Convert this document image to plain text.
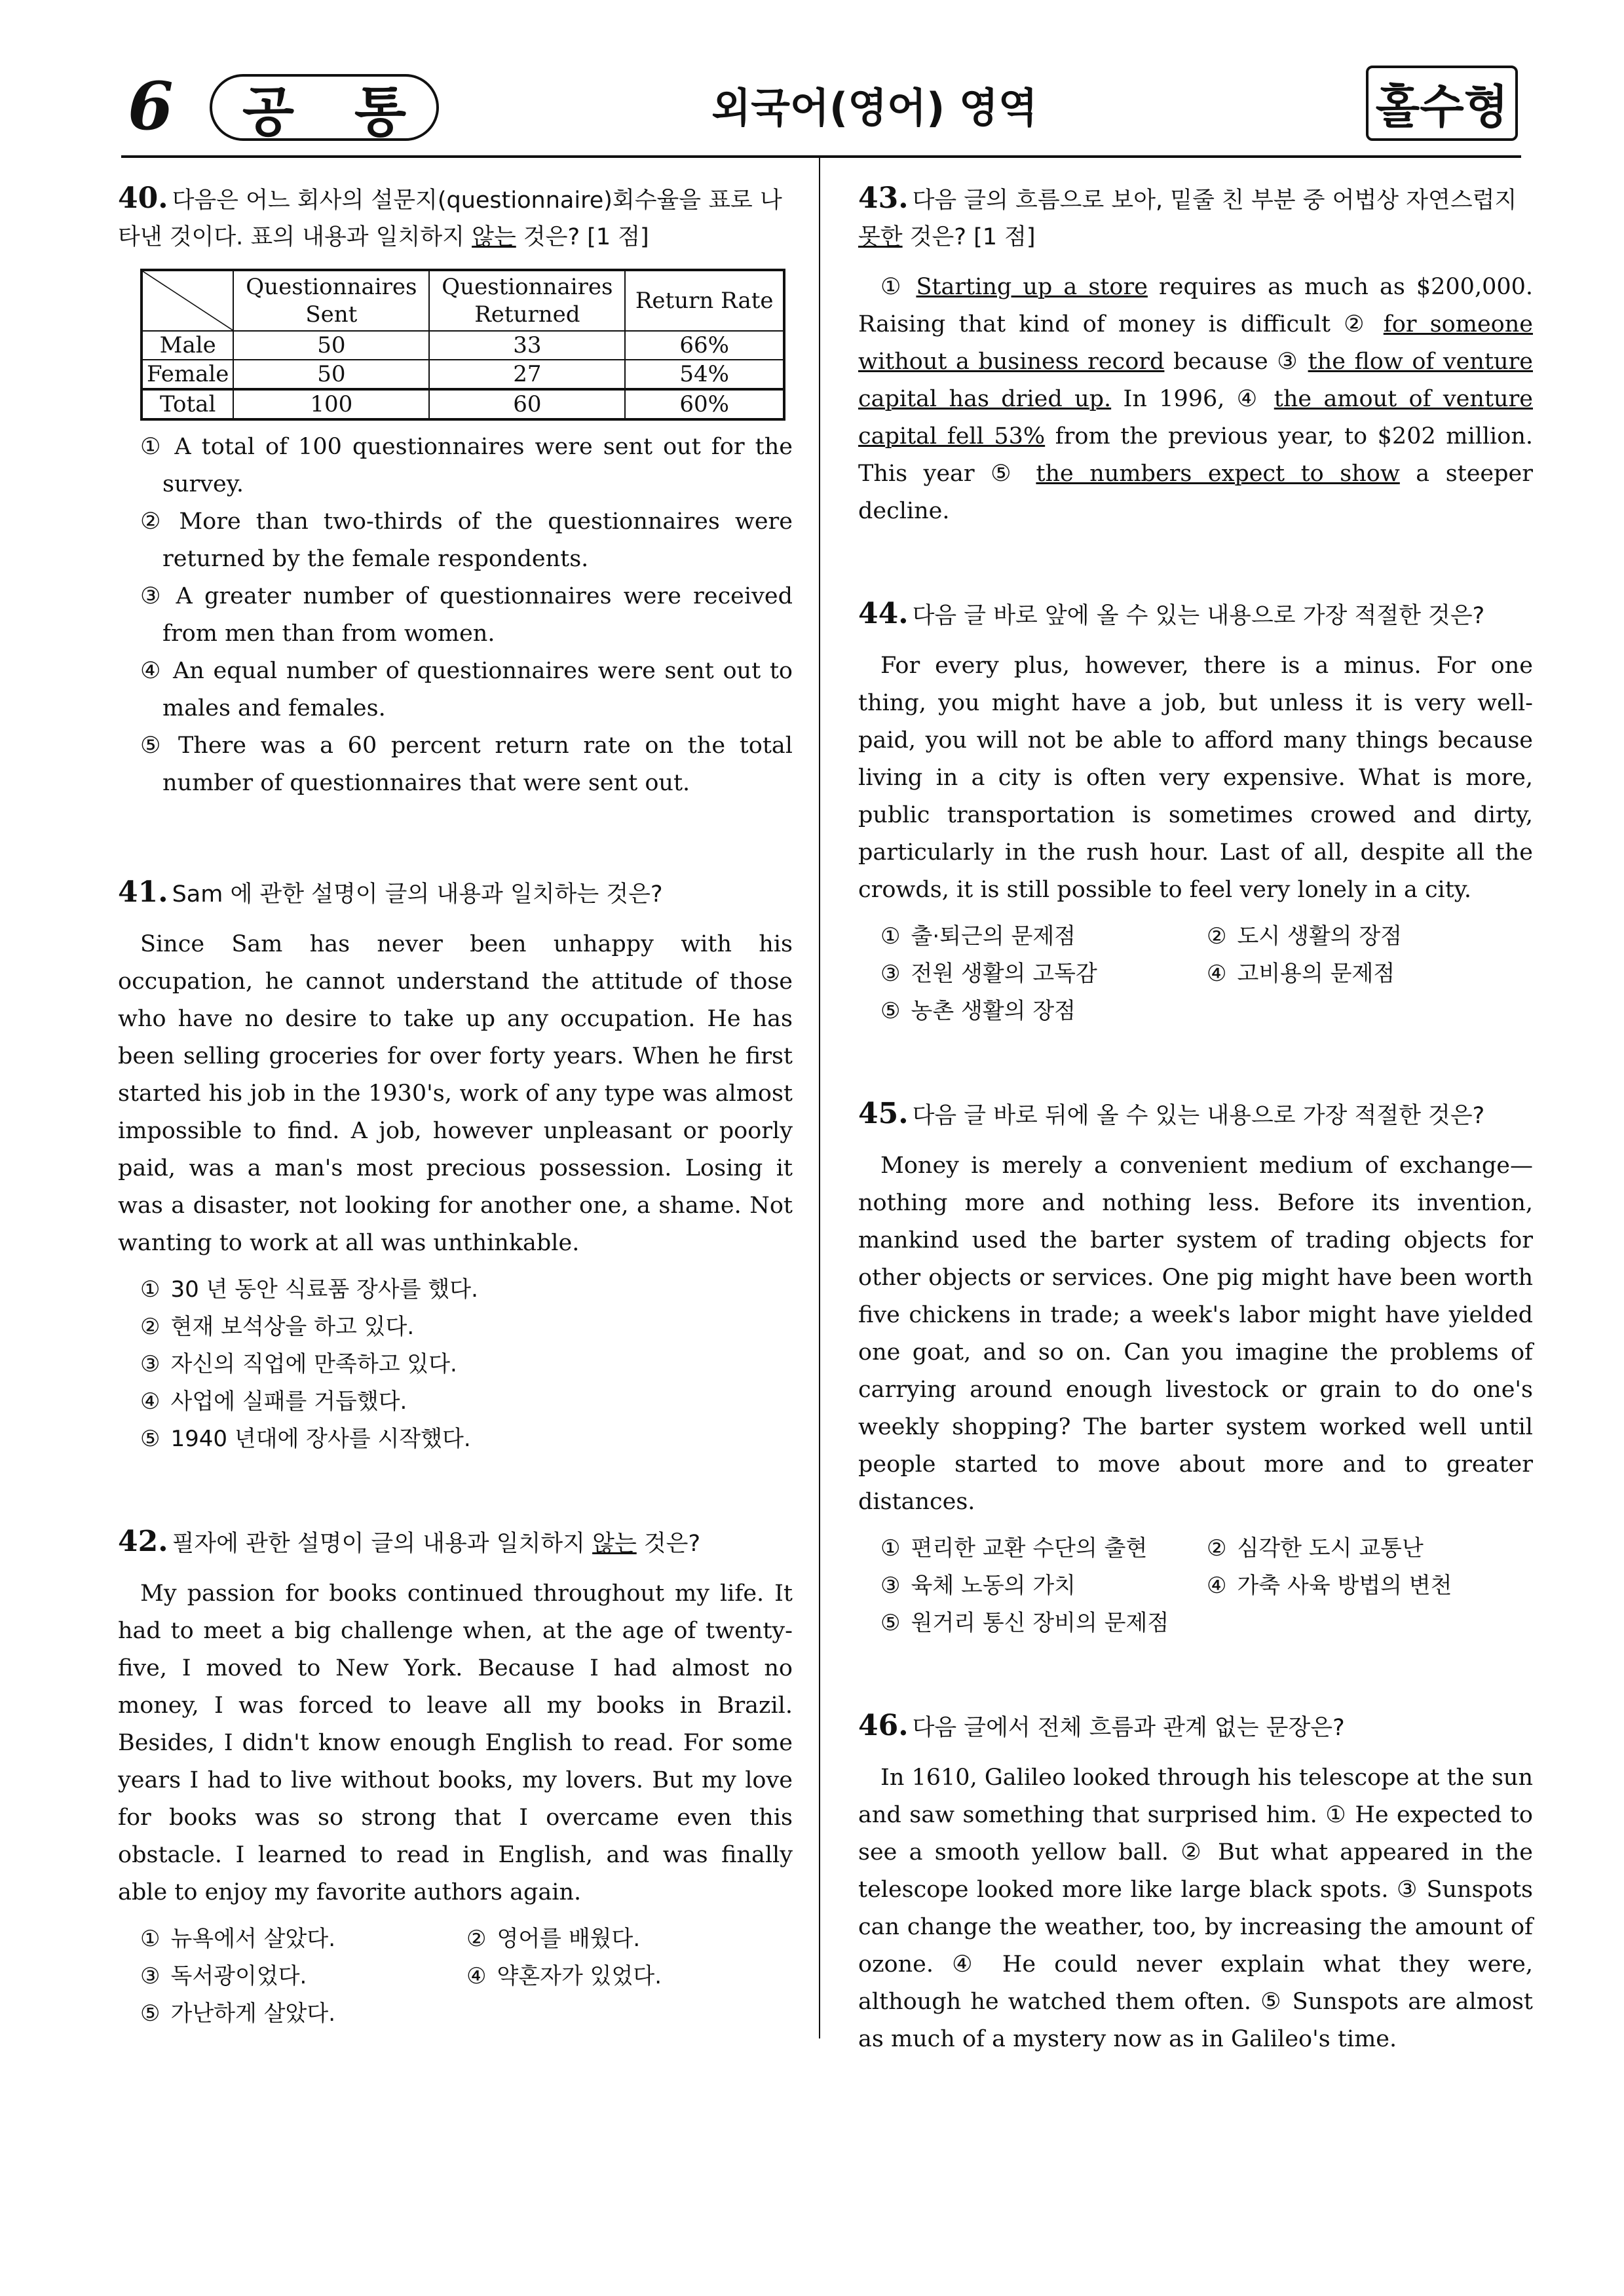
6 공 통	외국어(영어) 영역	홀수형
40. 다음은 어느 회사의 설문지(questionnaire)회수율을 표로 나타낸 것이다. 표의 내용과 일치하지 않는 것은? [1 점]
	Questionnaires Sent	Questionnaires Returned	Return Rate
Male	50	33	66%
Female	50	27	54%
Total	100	60	60%
① A total of 100 questionnaires were sent out for the survey.
② More than two-thirds of the questionnaires were returned by the female respondents.
③ A greater number of questionnaires were received from men than from women.
④ An equal number of questionnaires were sent out to males and females.
⑤ There was a 60 percent return rate on the total number of questionnaires that were sent out.
41. Sam 에 관한 설명이 글의 내용과 일치하는 것은?
Since Sam has never been unhappy with his occupation, he cannot understand the attitude of those who have no desire to take up any occupation. He has been selling groceries for over forty years. When he first started his job in the 1930's, work of any type was almost impossible to find. A job, however unpleasant or poorly paid, was a man's most precious possession. Losing it was a disaster, not looking for another one, a shame. Not wanting to work at all was unthinkable.
① 30 년 동안 식료품 장사를 했다.
② 현재 보석상을 하고 있다.
③ 자신의 직업에 만족하고 있다.
④ 사업에 실패를 거듭했다.
⑤ 1940 년대에 장사를 시작했다.
42. 필자에 관한 설명이 글의 내용과 일치하지 않는 것은?
My passion for books continued throughout my life. It had to meet a big challenge when, at the age of twenty-five, I moved to New York. Because I had almost no money, I was forced to leave all my books in Brazil. Besides, I didn't know enough English to read. For some years I had to live without books, my lovers. But my love for books was so strong that I overcame even this obstacle. I learned to read in English, and was finally able to enjoy my favorite authors again.
① 뉴욕에서 살았다.	② 영어를 배웠다.
③ 독서광이었다.	④ 약혼자가 있었다.
⑤ 가난하게 살았다.
43. 다음 글의 흐름으로 보아, 밑줄 친 부분 중 어법상 자연스럽지 못한 것은? [1 점]
① Starting up a store requires as much as $200,000. Raising that kind of money is difficult ② for someone without a business record because ③ the flow of venture capital has dried up. In 1996, ④ the amout of venture capital fell 53% from the previous year, to $202 million. This year ⑤ the numbers expect to show a steeper decline.
44. 다음 글 바로 앞에 올 수 있는 내용으로 가장 적절한 것은?
For every plus, however, there is a minus. For one thing, you might have a job, but unless it is very well-paid, you will not be able to afford many things because living in a city is often very expensive. What is more, public transportation is sometimes crowed and dirty, particularly in the rush hour. Last of all, despite all the crowds, it is still possible to feel very lonely in a city.
① 출·퇴근의 문제점	② 도시 생활의 장점
③ 전원 생활의 고독감	④ 고비용의 문제점
⑤ 농촌 생활의 장점
45. 다음 글 바로 뒤에 올 수 있는 내용으로 가장 적절한 것은?
Money is merely a convenient medium of exchange—nothing more and nothing less. Before its invention, mankind used the barter system of trading objects for other objects or services. One pig might have been worth five chickens in trade; a week's labor might have yielded one goat, and so on. Can you imagine the problems of carrying around enough livestock or grain to do one's weekly shopping? The barter system worked well until people started to move about more and to greater distances.
① 편리한 교환 수단의 출현	② 심각한 도시 교통난
③ 육체 노동의 가치	④ 가축 사육 방법의 변천
⑤ 원거리 통신 장비의 문제점
46. 다음 글에서 전체 흐름과 관계 없는 문장은?
In 1610, Galileo looked through his telescope at the sun and saw something that surprised him. ① He expected to see a smooth yellow ball. ② But what appeared in the telescope looked more like large black spots. ③ Sunspots can change the weather, too, by increasing the amount of ozone. ④ He could never explain what they were, although he watched them often. ⑤ Sunspots are almost as much of a mystery now as in Galileo's time.
